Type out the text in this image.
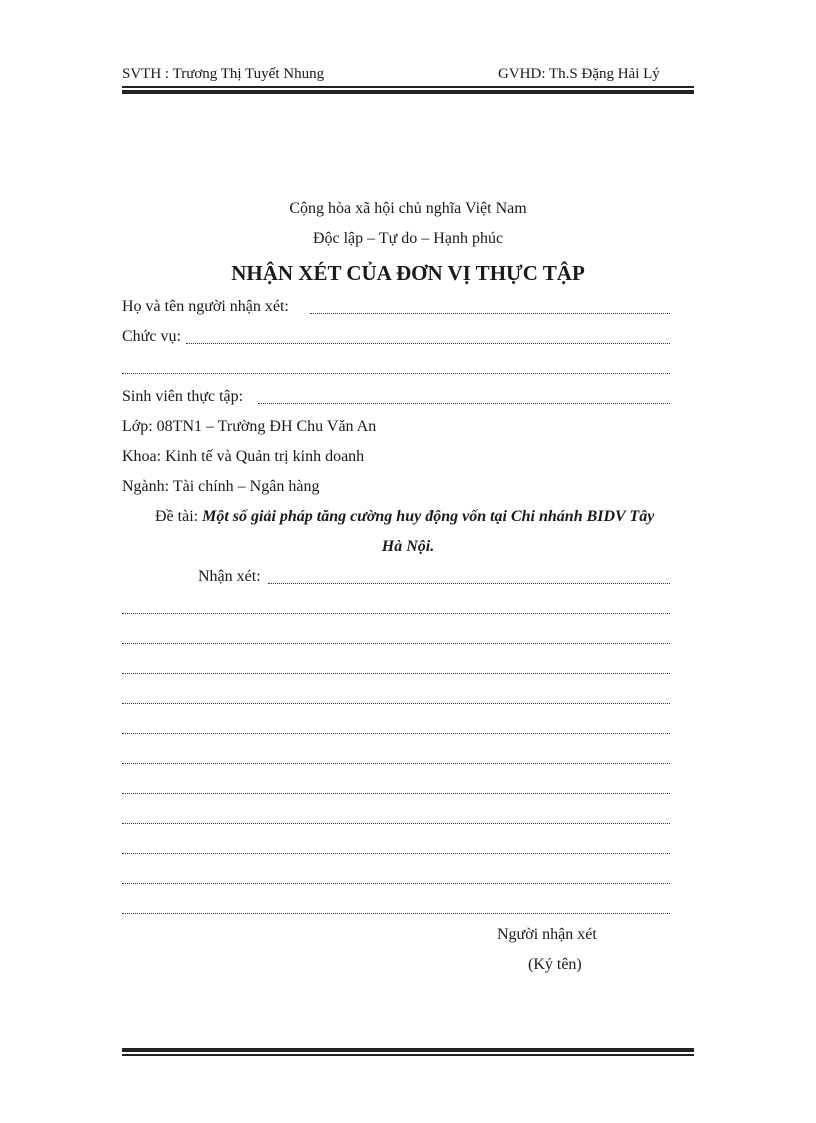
SVTH : Trương Thị Tuyết Nhung	GVHD: Th.S Đặng Hải Lý
Cộng hòa xã hội chủ nghĩa Việt Nam
Độc lập – Tự do – Hạnh phúc
NHẬN XÉT CỦA ĐƠN VỊ THỰC TẬP
Họ và tên người nhận xét:
Chức vụ:
Sinh viên thực tập:
Lớp: 08TN1 – Trường ĐH Chu Văn An
Khoa: Kinh tế và Quản trị kinh doanh
Ngành: Tài chính – Ngân hàng
Đề tài: Một số giải pháp tăng cường huy động vốn tại Chi nhánh BIDV Tây
Hà Nội.
Nhận xét:
Người nhận xét
(Ký tên)
